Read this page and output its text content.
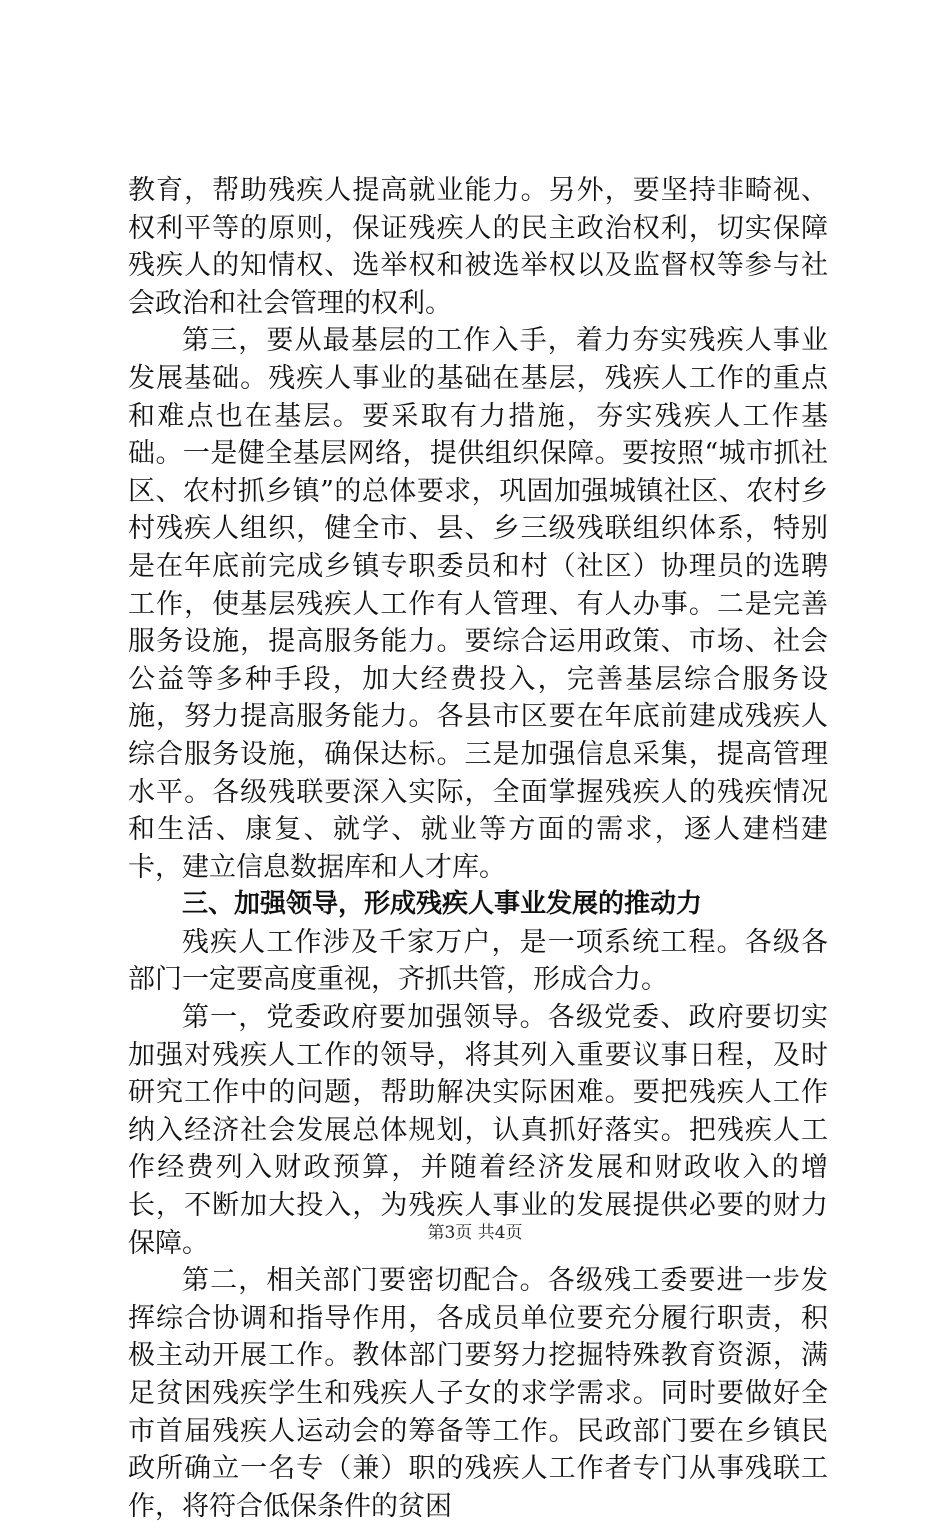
教育，帮助残疾人提高就业能力。另外，要坚持非畸视、权利平等的原则，保证残疾人的民主政治权利，切实保障残疾人的知情权、选举权和被选举权以及监督权等参与社会政治和社会管理的权利。

第三，要从最基层的工作入手，着力夯实残疾人事业发展基础。残疾人事业的基础在基层，残疾人工作的重点和难点也在基层。要采取有力措施，夯实残疾人工作基础。一是健全基层网络，提供组织保障。要按照“城市抓社区、农村抓乡镇”的总体要求，巩固加强城镇社区、农村乡村残疾人组织，健全市、县、乡三级残联组织体系，特别是在年底前完成乡镇专职委员和村（社区）协理员的选聘工作，使基层残疾人工作有人管理、有人办事。二是完善服务设施，提高服务能力。要综合运用政策、市场、社会公益等多种手段，加大经费投入，完善基层综合服务设施，努力提高服务能力。各县市区要在年底前建成残疾人综合服务设施，确保达标。三是加强信息采集，提高管理水平。各级残联要深入实际，全面掌握残疾人的残疾情况和生活、康复、就学、就业等方面的需求，逐人建档建卡，建立信息数据库和人才库。

三、加强领导，形成残疾人事业发展的推动力

残疾人工作涉及千家万户，是一项系统工程。各级各部门一定要高度重视，齐抓共管，形成合力。

第一，党委政府要加强领导。各级党委、政府要切实加强对残疾人工作的领导，将其列入重要议事日程，及时研究工作中的问题，帮助解决实际困难。要把残疾人工作纳入经济社会发展总体规划，认真抓好落实。把残疾人工作经费列入财政预算，并随着经济发展和财政收入的增长，不断加大投入，为残疾人事业的发展提供必要的财力保障。

第二，相关部门要密切配合。各级残工委要进一步发挥综合协调和指导作用，各成员单位要充分履行职责，积极主动开展工作。教体部门要努力挖掘特殊教育资源，满足贫困残疾学生和残疾人子女的求学需求。同时要做好全市首届残疾人运动会的筹备等工作。民政部门要在乡镇民政所确立一名专（兼）职的残疾人工作者专门从事残联工作，将符合低保条件的贫困

第3页 共4页
